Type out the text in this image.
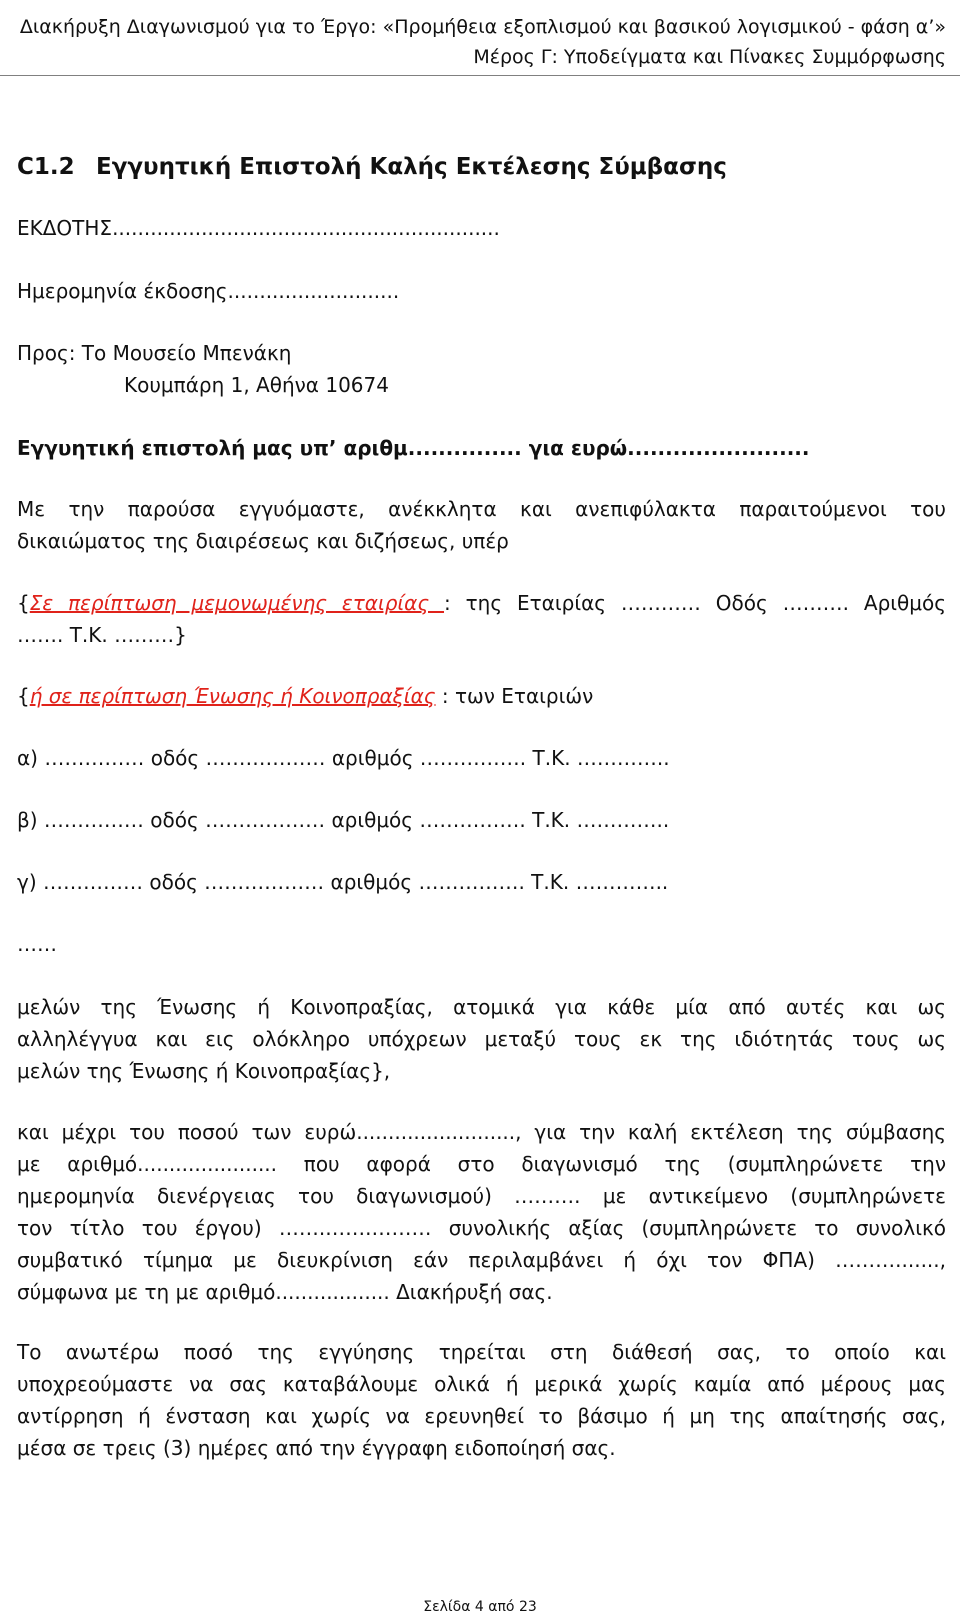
Διακήρυξη Διαγωνισμού για το Έργο: «Προμήθεια εξοπλισμού και βασικού λογισμικού - φάση α’»
Μέρος Γ: Υποδείγματα και Πίνακες Συμμόρφωσης
C1.2 Εγγυητική Επιστολή Καλής Εκτέλεσης Σύμβασης
ΕΚΔΟΤΗΣ.............................................................
Ημερομηνία έκδοσης...........................
Προς: Το Μουσείο Μπενάκη
Κουμπάρη 1, Αθήνα 10674
Εγγυητική επιστολή μας υπ’ αριθμ............... για ευρώ........................
Με την παρούσα εγγυόμαστε, ανέκκλητα και ανεπιφύλακτα παραιτούμενοι του
δικαιώματος της διαιρέσεως και διζήσεως, υπέρ
{Σε περίπτωση μεμονωμένης εταιρίας : της Εταιρίας ………… Οδός ………. Αριθμός
……. Τ.Κ. ………}
{ή σε περίπτωση Ένωσης ή Κοινοπραξίας : των Εταιριών
α) …………… οδός ……………… αριθμός ……………. Τ.Κ. …………..
β) …………… οδός ……………… αριθμός ……………. Τ.Κ. …………..
γ) …………… οδός ……………… αριθμός ……………. Τ.Κ. …………..
……
μελών της Ένωσης ή Κοινοπραξίας, ατομικά για κάθε μία από αυτές και ως
αλληλέγγυα και εις ολόκληρο υπόχρεων μεταξύ τους εκ της ιδιότητάς τους ως
μελών της Ένωσης ή Κοινοπραξίας},
και μέχρι του ποσού των ευρώ........................., για την καλή εκτέλεση της σύμβασης
με αριθμό...................... που αφορά στο διαγωνισμό της (συμπληρώνετε την
ημερομηνία διενέργειας του διαγωνισμού) ………. με αντικείμενο (συμπληρώνετε
τον τίτλο του έργου) …….…….……… συνολικής αξίας (συμπληρώνετε το συνολικό
συμβατικό τίμημα με διευκρίνιση εάν περιλαμβάνει ή όχι τον ΦΠΑ) ……….......,
σύμφωνα με τη με αριθμό.................. Διακήρυξή σας.
Το ανωτέρω ποσό της εγγύησης τηρείται στη διάθεσή σας, το οποίο και
υποχρεούμαστε να σας καταβάλουμε ολικά ή μερικά χωρίς καμία από μέρους μας
αντίρρηση ή ένσταση και χωρίς να ερευνηθεί το βάσιμο ή μη της απαίτησής σας,
μέσα σε τρεις (3) ημέρες από την έγγραφη ειδοποίησή σας.
Σελίδα 4 από 23
